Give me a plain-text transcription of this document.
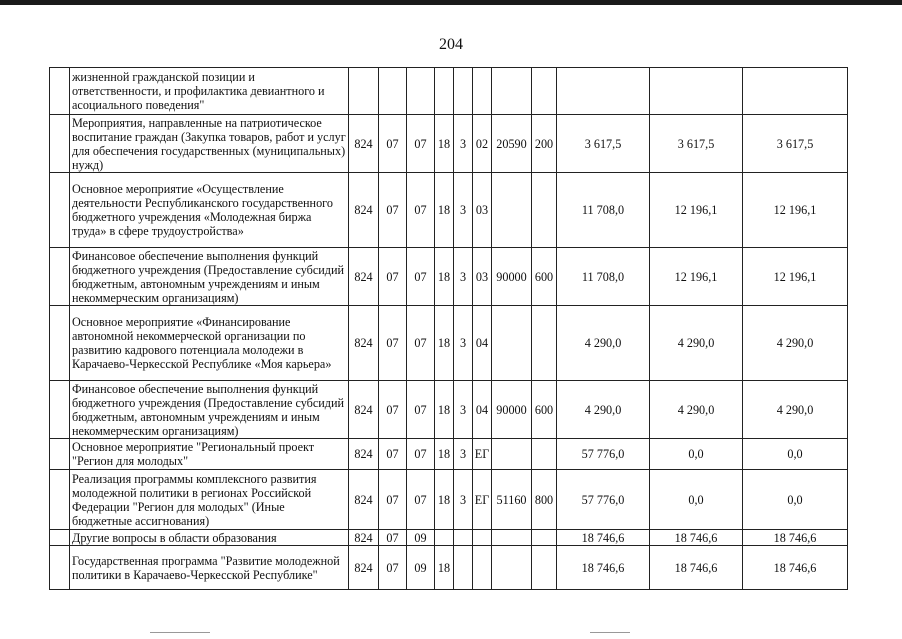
204
	жизненной гражданской позиции и ответственности, и профилактика девиантного и асоциального поведения"											
	Мероприятия, направленные на патриотическое воспитание граждан (Закупка товаров, работ и услуг для обеспечения государственных (муниципальных) нужд)	824	07	07	18	3	02	20590	200	3 617,5	3 617,5	3 617,5
	Основное мероприятие «Осуществление деятельности Республиканского государственного бюджетного учреждения «Молодежная биржа труда» в сфере трудоустройства»	824	07	07	18	3	03			11 708,0	12 196,1	12 196,1
	Финансовое обеспечение выполнения функций бюджетного учреждения (Предоставление субсидий бюджетным, автономным учреждениям и иным некоммерческим организациям)	824	07	07	18	3	03	90000	600	11 708,0	12 196,1	12 196,1
	Основное мероприятие «Финансирование автономной некоммерческой организации по развитию кадрового потенциала молодежи в Карачаево-Черкесской Республике «Моя карьера»	824	07	07	18	3	04			4 290,0	4 290,0	4 290,0
	Финансовое обеспечение выполнения функций бюджетного учреждения (Предоставление субсидий бюджетным, автономным учреждениям и иным некоммерческим организациям)	824	07	07	18	3	04	90000	600	4 290,0	4 290,0	4 290,0
	Основное мероприятие "Региональный проект "Регион для молодых"	824	07	07	18	3	ЕГ			57 776,0	0,0	0,0
	Реализация программы комплексного развития молодежной политики в регионах Российской Федерации "Регион для молодых" (Иные бюджетные ассигнования)	824	07	07	18	3	ЕГ	51160	800	57 776,0	0,0	0,0
	Другие вопросы в области образования	824	07	09						18 746,6	18 746,6	18 746,6
	Государственная программа "Развитие молодежной политики в Карачаево-Черкесской Республике"	824	07	09	18					18 746,6	18 746,6	18 746,6
